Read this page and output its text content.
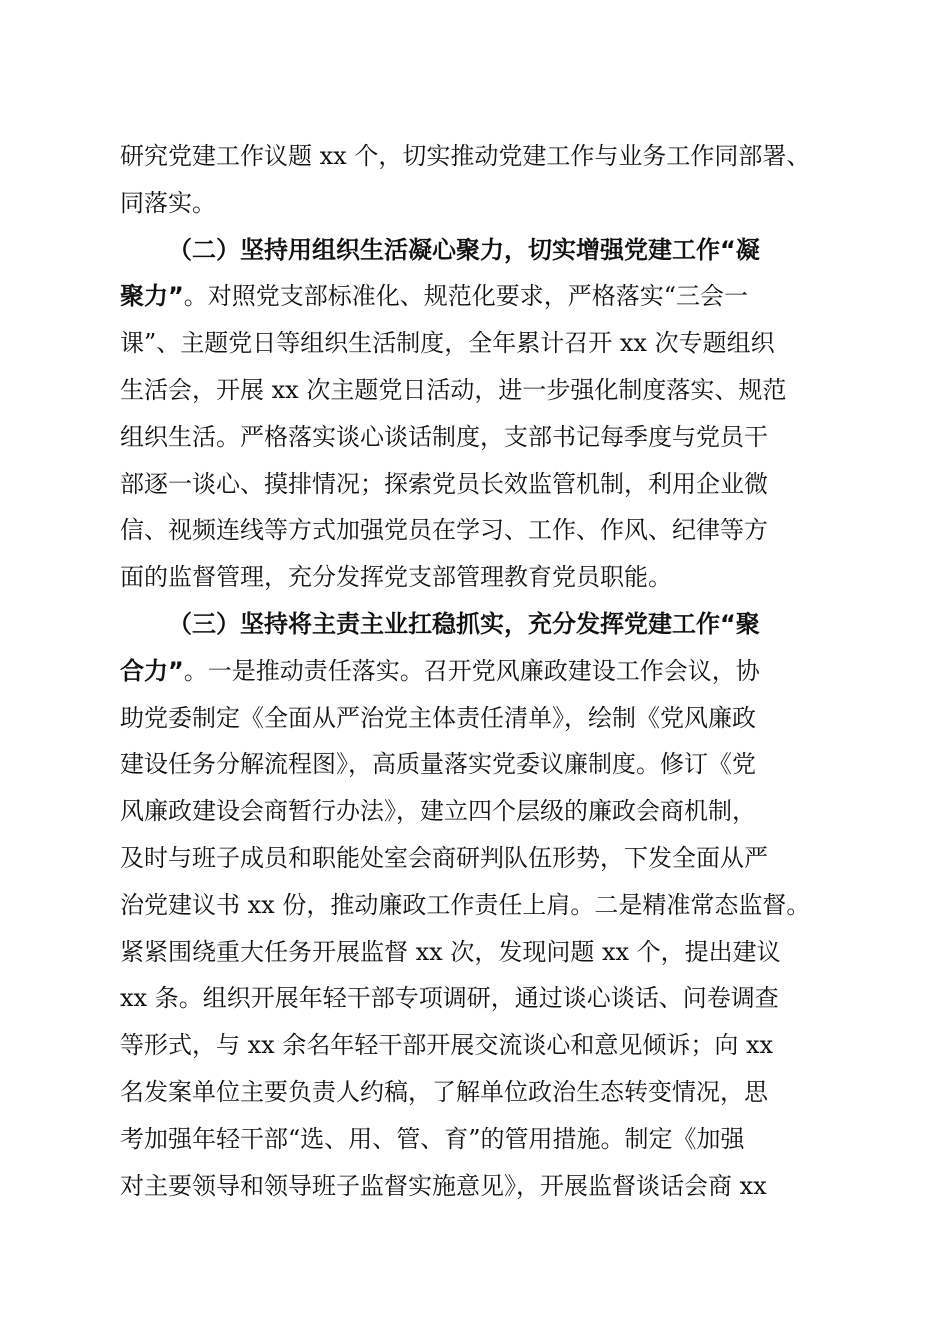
研究党建工作议题 xx 个，切实推动党建工作与业务工作同部署、
同落实。
（二）坚持用组织生活凝心聚力，切实增强党建工作“凝
聚力”。对照党支部标准化、规范化要求，严格落实“三会一
课”、主题党日等组织生活制度，全年累计召开 xx 次专题组织
生活会，开展 xx 次主题党日活动，进一步强化制度落实、规范
组织生活。严格落实谈心谈话制度，支部书记每季度与党员干
部逐一谈心、摸排情况；探索党员长效监管机制，利用企业微
信、视频连线等方式加强党员在学习、工作、作风、纪律等方
面的监督管理，充分发挥党支部管理教育党员职能。
（三）坚持将主责主业扛稳抓实，充分发挥党建工作“聚
合力”。一是推动责任落实。召开党风廉政建设工作会议，协
助党委制定《全面从严治党主体责任清单》，绘制《党风廉政
建设任务分解流程图》，高质量落实党委议廉制度。修订《党
风廉政建设会商暂行办法》，建立四个层级的廉政会商机制，
及时与班子成员和职能处室会商研判队伍形势，下发全面从严
治党建议书 xx 份，推动廉政工作责任上肩。二是精准常态监督。
紧紧围绕重大任务开展监督 xx 次，发现问题 xx 个，提出建议
xx 条。组织开展年轻干部专项调研，通过谈心谈话、问卷调查
等形式，与 xx 余名年轻干部开展交流谈心和意见倾诉；向 xx
名发案单位主要负责人约稿，了解单位政治生态转变情况，思
考加强年轻干部“选、用、管、育”的管用措施。制定《加强
对主要领导和领导班子监督实施意见》，开展监督谈话会商 xx
